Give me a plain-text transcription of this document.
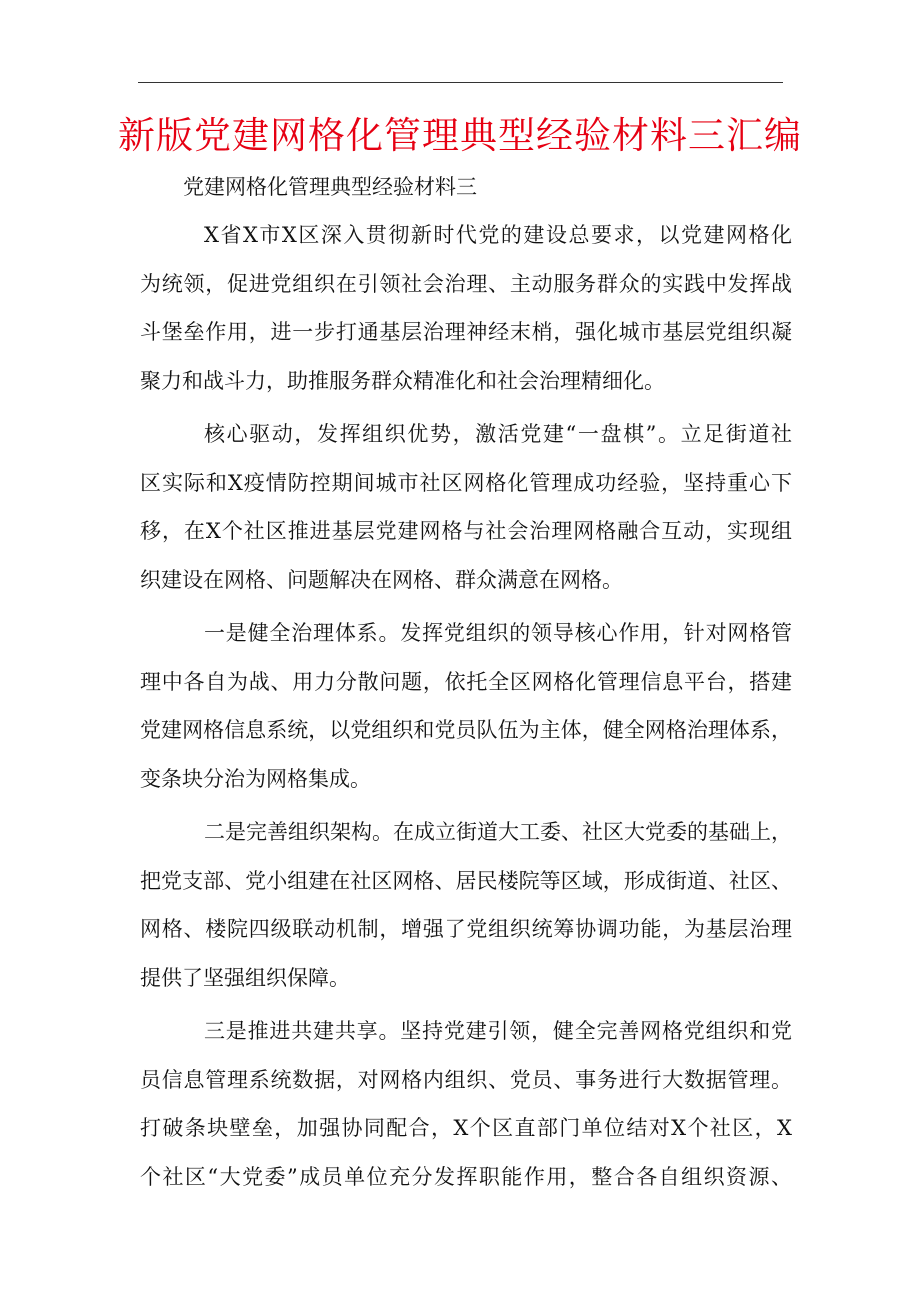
新版党建网格化管理典型经验材料三汇编

党建网格化管理典型经验材料三

X省X市X区深入贯彻新时代党的建设总要求，以党建网格化
为统领，促进党组织在引领社会治理、主动服务群众的实践中发挥战
斗堡垒作用，进一步打通基层治理神经末梢，强化城市基层党组织凝
聚力和战斗力，助推服务群众精准化和社会治理精细化。
核心驱动，发挥组织优势，激活党建“一盘棋”。立足街道社
区实际和X疫情防控期间城市社区网格化管理成功经验，坚持重心下
移，在X个社区推进基层党建网格与社会治理网格融合互动，实现组
织建设在网格、问题解决在网格、群众满意在网格。
一是健全治理体系。发挥党组织的领导核心作用，针对网格管
理中各自为战、用力分散问题，依托全区网格化管理信息平台，搭建
党建网格信息系统，以党组织和党员队伍为主体，健全网格治理体系，
变条块分治为网格集成。
二是完善组织架构。在成立街道大工委、社区大党委的基础上，
把党支部、党小组建在社区网格、居民楼院等区域，形成街道、社区、
网格、楼院四级联动机制，增强了党组织统筹协调功能，为基层治理
提供了坚强组织保障。
三是推进共建共享。坚持党建引领，健全完善网格党组织和党
员信息管理系统数据，对网格内组织、党员、事务进行大数据管理。
打破条块壁垒，加强协同配合，X个区直部门单位结对X个社区，X
个社区“大党委”成员单位充分发挥职能作用，整合各自组织资源、
